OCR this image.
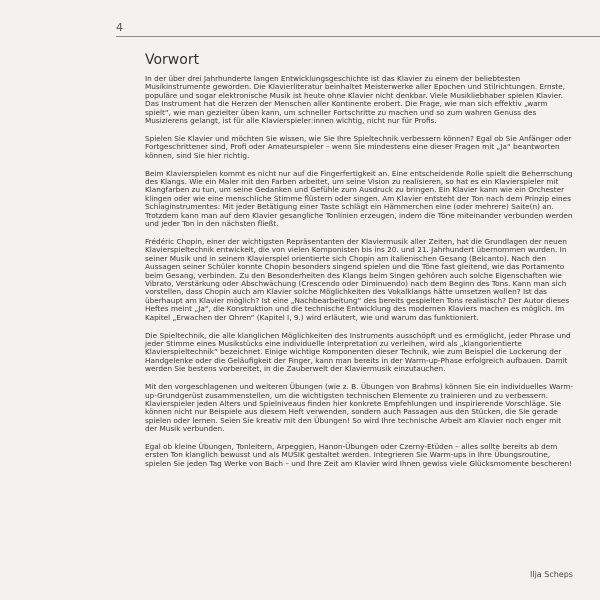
4
Vorwort

In der über drei Jahrhunderte langen Entwicklungsgeschichte ist das Klavier zu einem der beliebtesten Musikinstrumente geworden. Die Klavierliteratur beinhaltet Meisterwerke aller Epochen und Stilrichtungen. Ernste, populäre und sogar elektronische Musik ist heute ohne Klavier nicht denkbar. Viele Musikliebhaber spielen Klavier. Das Instrument hat die Herzen der Menschen aller Kontinente erobert. Die Frage, wie man sich effektiv „warm spielt“, wie man gezielter üben kann, um schneller Fortschritte zu machen und so zum wahren Genuss des Musizierens gelangt, ist für alle Klavierspieler:innen wichtig, nicht nur für Profis.

Spielen Sie Klavier und möchten Sie wissen, wie Sie Ihre Spieltechnik verbessern können? Egal ob Sie Anfänger oder Fortgeschrittener sind, Profi oder Amateurspieler – wenn Sie mindestens eine dieser Fragen mit „Ja“ beantworten können, sind Sie hier richtig.

Beim Klavierspielen kommt es nicht nur auf die Fingerfertigkeit an. Eine entscheidende Rolle spielt die Beherrschung des Klangs. Wie ein Maler mit den Farben arbeitet, um seine Vision zu realisieren, so hat es ein Klavierspieler mit Klangfarben zu tun, um seine Gedanken und Gefühle zum Ausdruck zu bringen. Ein Klavier kann wie ein Orchester klingen oder wie eine menschliche Stimme flüstern oder singen. Am Klavier entsteht der Ton nach dem Prinzip eines Schlaginstrumentes: Mit jeder Betätigung einer Taste schlägt ein Hämmerchen eine (oder mehrere) Saite(n) an. Trotzdem kann man auf dem Klavier gesangliche Tonlinien erzeugen, indem die Töne miteinander verbunden werden und jeder Ton in den nächsten fließt.

Frédéric Chopin, einer der wichtigsten Repräsentanten der Klaviermusik aller Zeiten, hat die Grundlagen der neuen Klavierspieltechnik entwickelt, die von vielen Komponisten bis ins 20. und 21. Jahrhundert übernommen wurden. In seiner Musik und in seinem Klavierspiel orientierte sich Chopin am italienischen Gesang (Belcanto). Nach den Aussagen seiner Schüler konnte Chopin besonders singend spielen und die Töne fast gleitend, wie das Portamento beim Gesang, verbinden. Zu den Besonderheiten des Klangs beim Singen gehören auch solche Eigenschaften wie Vibrato, Verstärkung oder Abschwächung (Crescendo oder Diminuendo) nach dem Beginn des Tons. Kann man sich vorstellen, dass Chopin auch am Klavier solche Möglichkeiten des Vokalklangs hätte umsetzen wollen? Ist das überhaupt am Klavier möglich? Ist eine „Nachbearbeitung“ des bereits gespielten Tons realistisch? Der Autor dieses Heftes meint „Ja“, die Konstruktion und die technische Entwicklung des modernen Klaviers machen es möglich. Im Kapitel „Erwachen der Ohren“ (Kapitel I, 9.) wird erläutert, wie und warum das funktioniert.

Die Spieltechnik, die alle klanglichen Möglichkeiten des Instruments ausschöpft und es ermöglicht, jeder Phrase und jeder Stimme eines Musikstücks eine individuelle Interpretation zu verleihen, wird als „klangorientierte Klavierspieltechnik“ bezeichnet. Einige wichtige Komponenten dieser Technik, wie zum Beispiel die Lockerung der Handgelenke oder die Geläufigkeit der Finger, kann man bereits in der Warm-up-Phase erfolgreich aufbauen. Damit werden Sie bestens vorbereitet, in die Zauberwelt der Klaviermusik einzutauchen.

Mit den vorgeschlagenen und weiteren Übungen (wie z. B. Übungen von Brahms) können Sie ein individuelles Warm-up-Grundgerüst zusammenstellen, um die wichtigsten technischen Elemente zu trainieren und zu verbessern. Klavierspieler jeden Alters und Spielniveaus finden hier konkrete Empfehlungen und inspirierende Vorschläge. Sie können nicht nur Beispiele aus diesem Heft verwenden, sondern auch Passagen aus den Stücken, die Sie gerade spielen oder lernen. Seien Sie kreativ mit den Übungen! So wird Ihre technische Arbeit am Klavier noch enger mit der Musik verbunden.

Egal ob kleine Übungen, Tonleitern, Arpeggien, Hanon-Übungen oder Czerny-Etüden – alles sollte bereits ab dem ersten Ton klanglich bewusst und als MUSIK gestaltet werden. Integrieren Sie Warm-ups in Ihre Übungsroutine, spielen Sie jeden Tag Werke von Bach – und Ihre Zeit am Klavier wird Ihnen gewiss viele Glücksmomente bescheren!

Ilja Scheps
